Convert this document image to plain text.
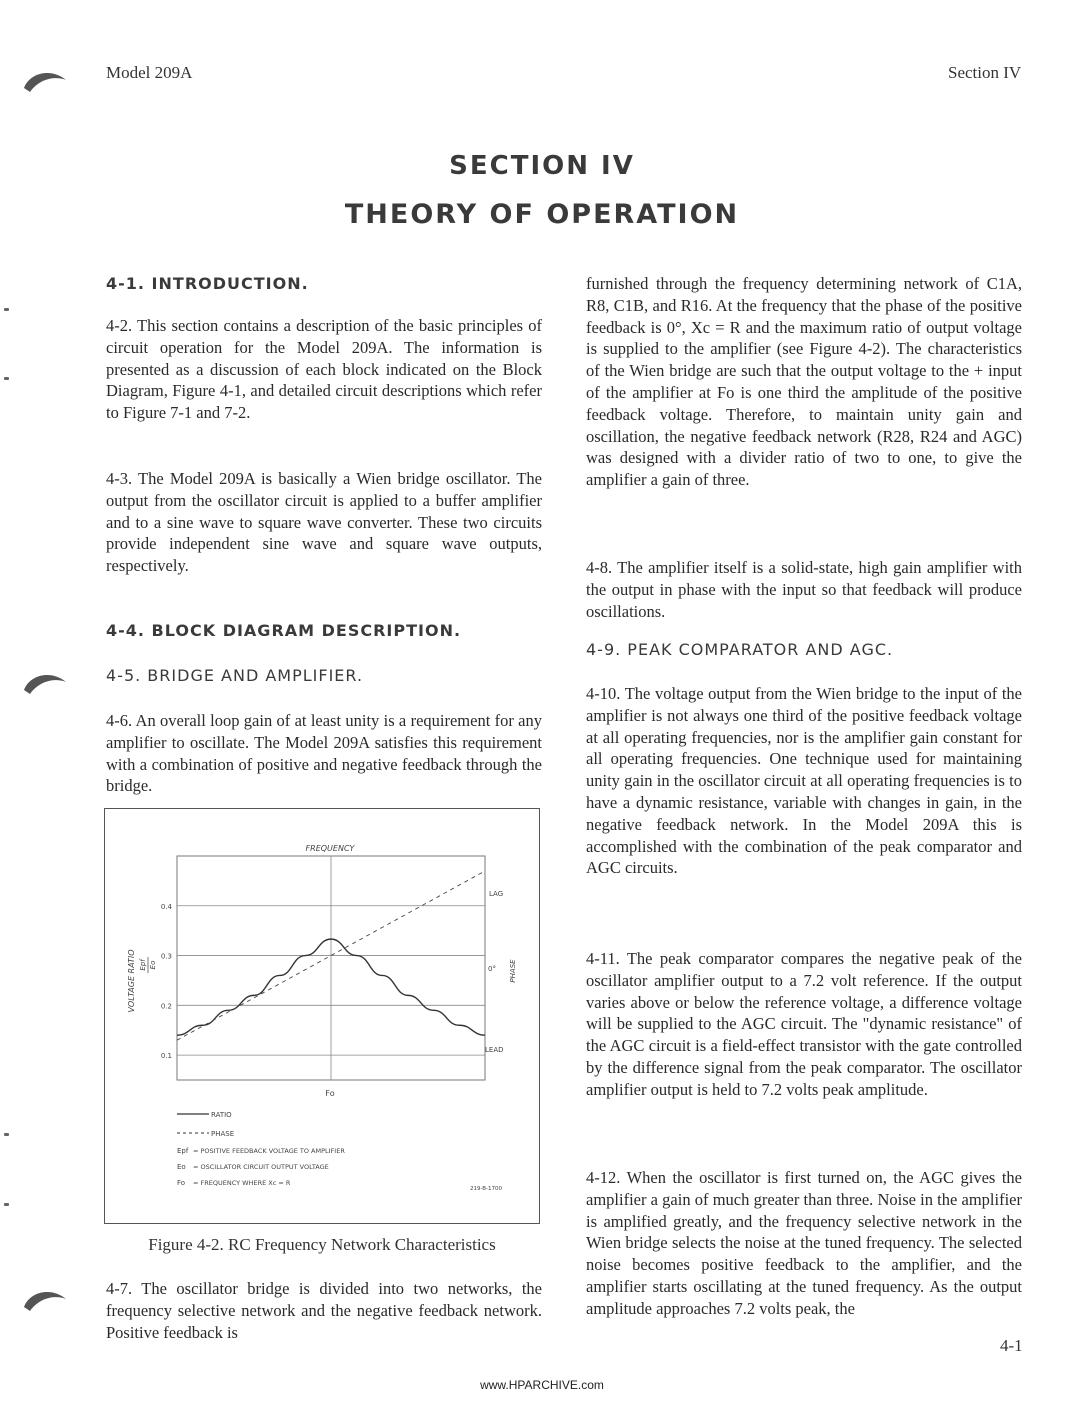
Model 209A	Section IV
SECTION IV
THEORY OF OPERATION
4-1. INTRODUCTION.
4-2. This section contains a description of the basic principles of circuit operation for the Model 209A. The information is presented as a discussion of each block indicated on the Block Diagram, Figure 4-1, and detailed circuit descriptions which refer to Figure 7-1 and 7-2.
4-3. The Model 209A is basically a Wien bridge oscillator. The output from the oscillator circuit is applied to a buffer amplifier and to a sine wave to square wave converter. These two circuits provide independent sine wave and square wave outputs, respectively.
4-4. BLOCK DIAGRAM DESCRIPTION.
4-5. BRIDGE AND AMPLIFIER.
4-6. An overall loop gain of at least unity is a requirement for any amplifier to oscillate. The Model 209A satisfies this requirement with a combination of positive and negative feedback through the bridge.
FREQUENCY
0.1
0.2
0.3
0.4
VOLTAGE RATIO Epf Eo
LAG
0°
LEAD
PHASE
Fo
RATIO
PHASE
Epf = POSITIVE FEEDBACK VOLTAGE TO AMPLIFIER
Eo = OSCILLATOR CIRCUIT OUTPUT VOLTAGE
Fo = FREQUENCY WHERE Xc = R
219-B-1700
Figure 4-2. RC Frequency Network Characteristics
4-7. The oscillator bridge is divided into two networks, the frequency selective network and the negative feedback network. Positive feedback is
furnished through the frequency determining network of C1A, R8, C1B, and R16. At the frequency that the phase of the positive feedback is 0°, Xc = R and the maximum ratio of output voltage is supplied to the amplifier (see Figure 4-2). The characteristics of the Wien bridge are such that the output voltage to the + input of the amplifier at Fo is one third the amplitude of the positive feedback voltage. Therefore, to maintain unity gain and oscillation, the negative feedback network (R28, R24 and AGC) was designed with a divider ratio of two to one, to give the amplifier a gain of three.
4-8. The amplifier itself is a solid-state, high gain amplifier with the output in phase with the input so that feedback will produce oscillations.
4-9. PEAK COMPARATOR AND AGC.
4-10. The voltage output from the Wien bridge to the input of the amplifier is not always one third of the positive feedback voltage at all operating frequencies, nor is the amplifier gain constant for all operating frequencies. One technique used for maintaining unity gain in the oscillator circuit at all operating frequencies is to have a dynamic resistance, variable with changes in gain, in the negative feedback network. In the Model 209A this is accomplished with the combination of the peak comparator and AGC circuits.
4-11. The peak comparator compares the negative peak of the oscillator amplifier output to a 7.2 volt reference. If the output varies above or below the reference voltage, a difference voltage will be supplied to the AGC circuit. The "dynamic resistance" of the AGC circuit is a field-effect transistor with the gate controlled by the difference signal from the peak comparator. The oscillator amplifier output is held to 7.2 volts peak amplitude.
4-12. When the oscillator is first turned on, the AGC gives the amplifier a gain of much greater than three. Noise in the amplifier is amplified greatly, and the frequency selective network in the Wien bridge selects the noise at the tuned frequency. The selected noise becomes positive feedback to the amplifier, and the amplifier starts oscillating at the tuned frequency. As the output amplitude approaches 7.2 volts peak, the
4-1
www.HPARCHIVE.com
